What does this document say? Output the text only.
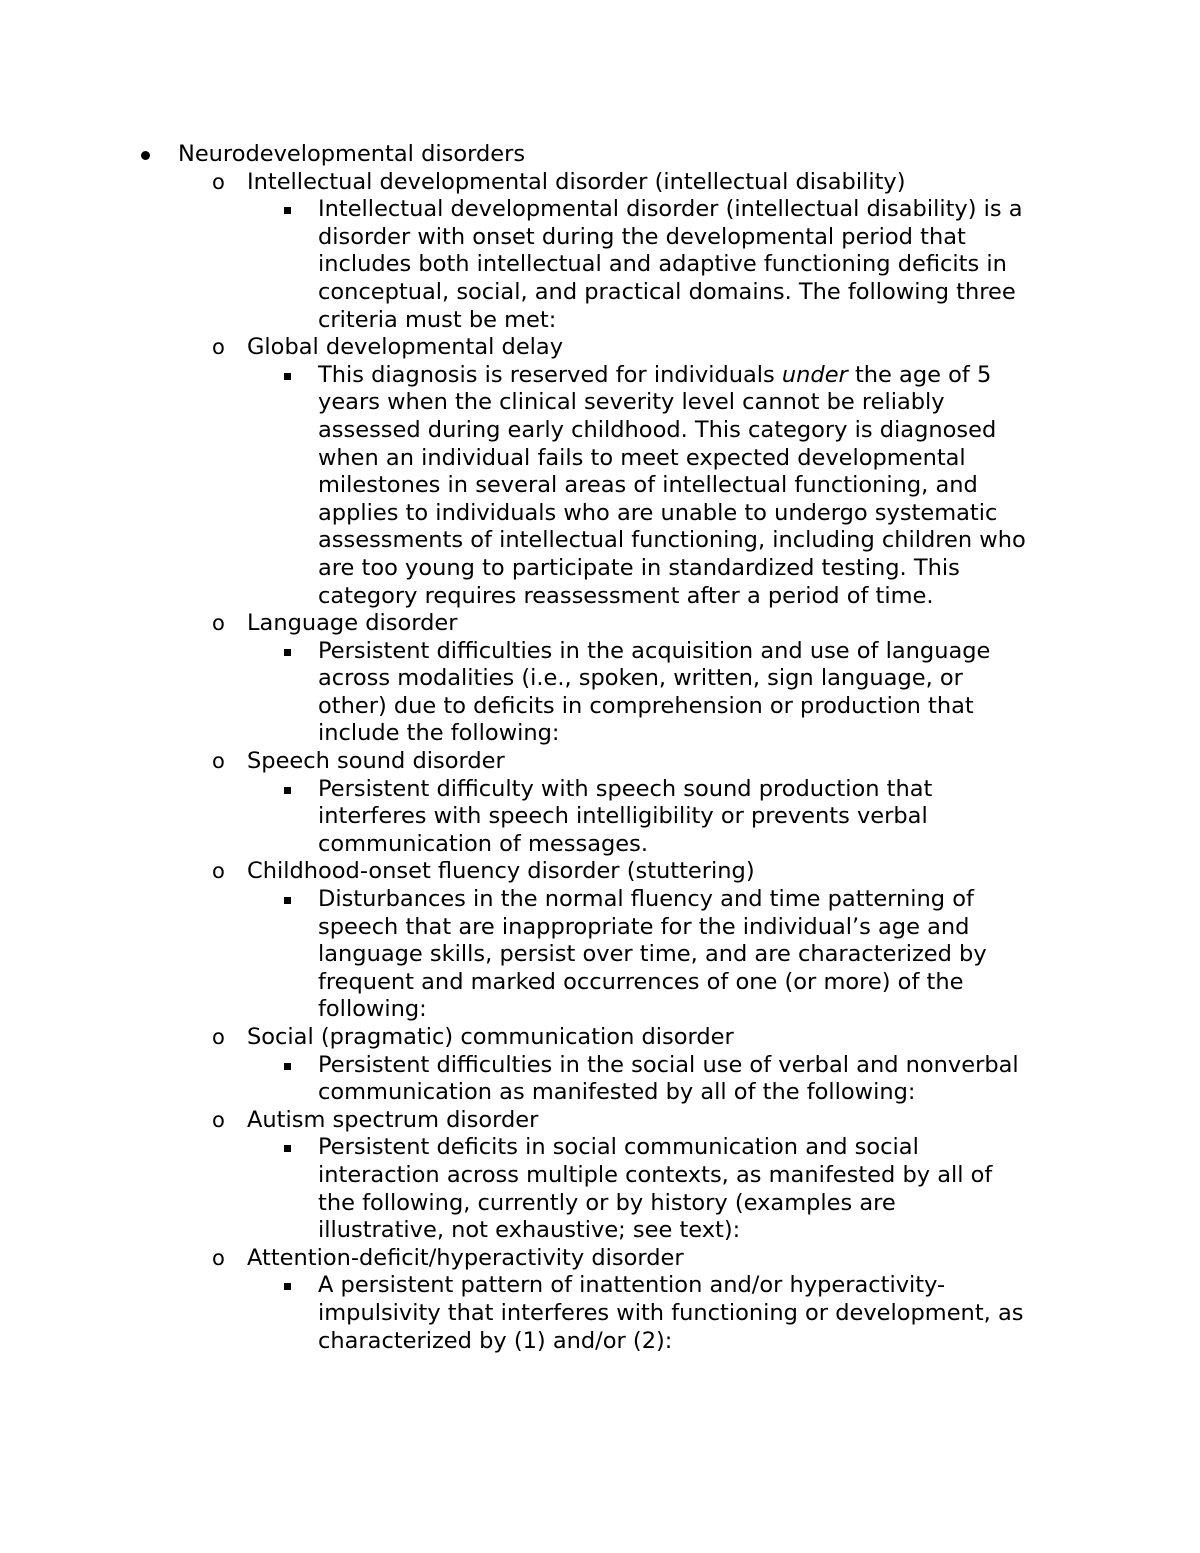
Neurodevelopmental disorders
o Intellectual developmental disorder (intellectual disability)
Intellectual developmental disorder (intellectual disability) is a
disorder with onset during the developmental period that
includes both intellectual and adaptive functioning deficits in
conceptual, social, and practical domains. The following three
criteria must be met:
o Global developmental delay
This diagnosis is reserved for individuals under the age of 5
years when the clinical severity level cannot be reliably
assessed during early childhood. This category is diagnosed
when an individual fails to meet expected developmental
milestones in several areas of intellectual functioning, and
applies to individuals who are unable to undergo systematic
assessments of intellectual functioning, including children who
are too young to participate in standardized testing. This
category requires reassessment after a period of time.
o Language disorder
Persistent difficulties in the acquisition and use of language
across modalities (i.e., spoken, written, sign language, or
other) due to deficits in comprehension or production that
include the following:
o Speech sound disorder
Persistent difficulty with speech sound production that
interferes with speech intelligibility or prevents verbal
communication of messages.
o Childhood-onset fluency disorder (stuttering)
Disturbances in the normal fluency and time patterning of
speech that are inappropriate for the individual’s age and
language skills, persist over time, and are characterized by
frequent and marked occurrences of one (or more) of the
following:
o Social (pragmatic) communication disorder
Persistent difficulties in the social use of verbal and nonverbal
communication as manifested by all of the following:
o Autism spectrum disorder
Persistent deficits in social communication and social
interaction across multiple contexts, as manifested by all of
the following, currently or by history (examples are
illustrative, not exhaustive; see text):
o Attention-deficit/hyperactivity disorder
A persistent pattern of inattention and/or hyperactivity-
impulsivity that interferes with functioning or development, as
characterized by (1) and/or (2):
